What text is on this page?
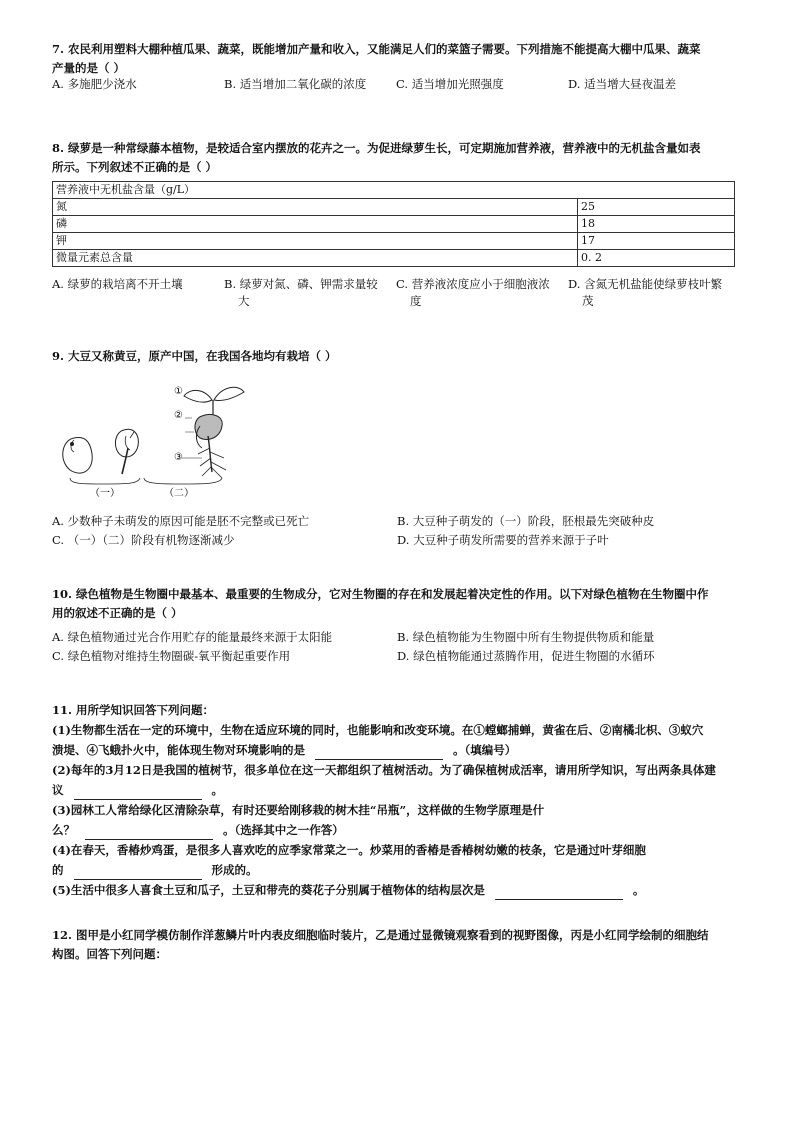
7. 农民利用塑料大棚种植瓜果、蔬菜，既能增加产量和收入，又能满足人们的菜篮子需要。下列措施不能提高大棚中瓜果、蔬菜
产量的是（ ）
A. 多施肥少浇水	B. 适当增加二氧化碳的浓度	C. 适当增加光照强度	D. 适当增大昼夜温差
8. 绿萝是一种常绿藤本植物，是较适合室内摆放的花卉之一。为促进绿萝生长，可定期施加营养液，营养液中的无机盐含量如表
所示。下列叙述不正确的是（ ）
营养液中无机盐含量（g/L）	
氮	25
磷	18
钾	17
微量元素总含量	0. 2
A. 绿萝的栽培离不开土壤	B. 绿萝对氮、磷、钾需求量较
大
C. 营养液浓度应小于细胞液浓
度
D. 含氮无机盐能使绿萝枝叶繁
茂
9. 大豆又称黄豆，原产中国，在我国各地均有栽培（ ）
①
②
③
（一）	（二）
A. 少数种子未萌发的原因可能是胚不完整或已死亡	B. 大豆种子萌发的（一）阶段，胚根最先突破种皮
C. （一）（二）阶段有机物逐渐减少	D. 大豆种子萌发所需要的营养来源于子叶
10. 绿色植物是生物圈中最基本、最重要的生物成分，它对生物圈的存在和发展起着决定性的作用。以下对绿色植物在生物圈中作
用的叙述不正确的是（ ）
A. 绿色植物通过光合作用贮存的能量最终来源于太阳能	B. 绿色植物能为生物圈中所有生物提供物质和能量
C. 绿色植物对维持生物圈碳-氧平衡起重要作用	D. 绿色植物能通过蒸腾作用，促进生物圈的水循环
11. 用所学知识回答下列问题：
(1)生物都生活在一定的环境中，生物在适应环境的同时，也能影响和改变环境。在①螳螂捕蝉，黄雀在后、②南橘北枳、③蚁穴
溃堤、④飞蛾扑火中，能体现生物对环境影响的是	。（填编号）
(2)每年的3月12日是我国的植树节，很多单位在这一天都组织了植树活动。为了确保植树成活率，请用所学知识，写出两条具体建
议	。
(3)园林工人常给绿化区清除杂草，有时还要给刚移栽的树木挂“吊瓶”，这样做的生物学原理是什
么？	。（选择其中之一作答）
(4)在春天，香椿炒鸡蛋，是很多人喜欢吃的应季家常菜之一。炒菜用的香椿是香椿树幼嫩的枝条，它是通过叶芽细胞
的	形成的。
(5)生活中很多人喜食土豆和瓜子，土豆和带壳的葵花子分别属于植物体的结构层次是	。
12. 图甲是小红同学模仿制作洋葱鳞片叶内表皮细胞临时装片，乙是通过显微镜观察看到的视野图像，丙是小红同学绘制的细胞结
构图。回答下列问题：
